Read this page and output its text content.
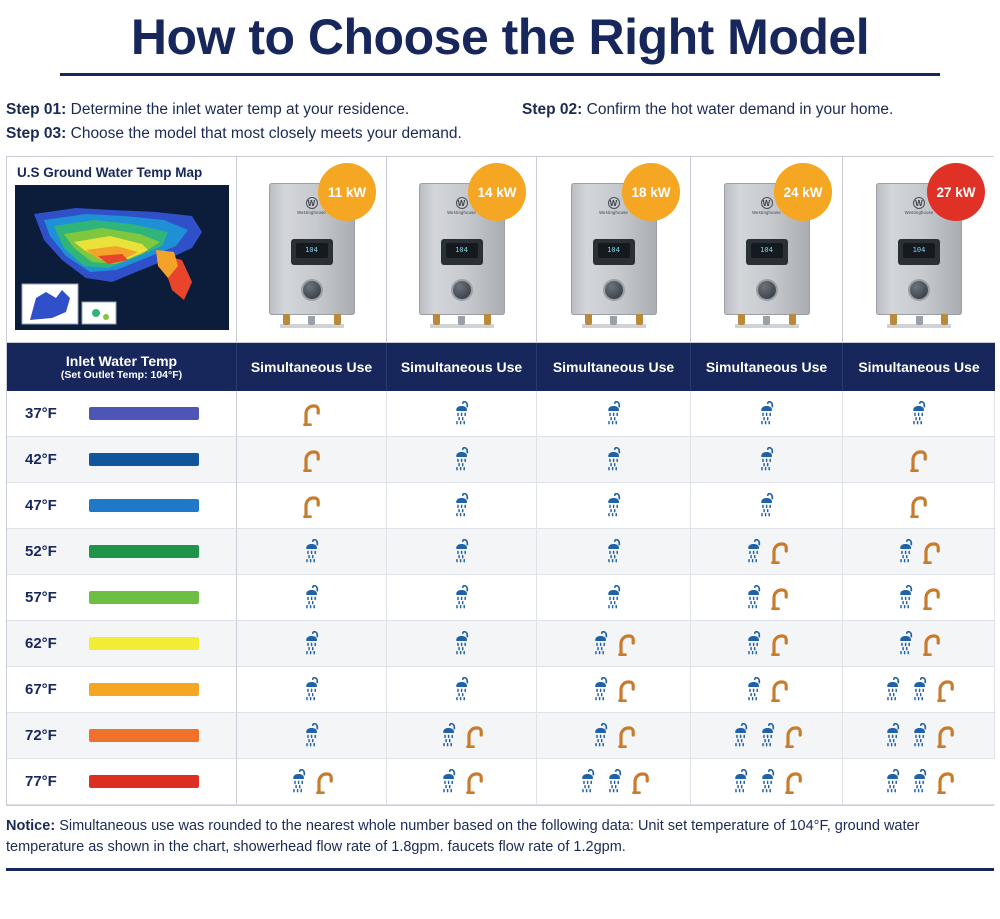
How to Choose the Right Model
Step 01: Determine the inlet water temp at your residence.	Step 02: Confirm the hot water demand in your home.
Step 03: Choose the model that most closely meets your demand.
U.S Ground Water Temp Map
11 kW
W
Westinghouse
104
14 kW
W
Westinghouse
104
18 kW
W
Westinghouse
104
24 kW
W
Westinghouse
104
27 kW
W
Westinghouse
104
Inlet Water Temp
(Set Outlet Temp: 104°F)
Simultaneous Use	Simultaneous Use	Simultaneous Use	Simultaneous Use	Simultaneous Use
37°F
42°F
47°F
52°F
57°F
62°F
67°F
72°F
77°F
Notice: Simultaneous use was rounded to the nearest whole number based on the following data: Unit set temperature of 104°F, ground water temperature as shown in the chart, showerhead flow rate of 1.8gpm. faucets flow rate of 1.2gpm.
